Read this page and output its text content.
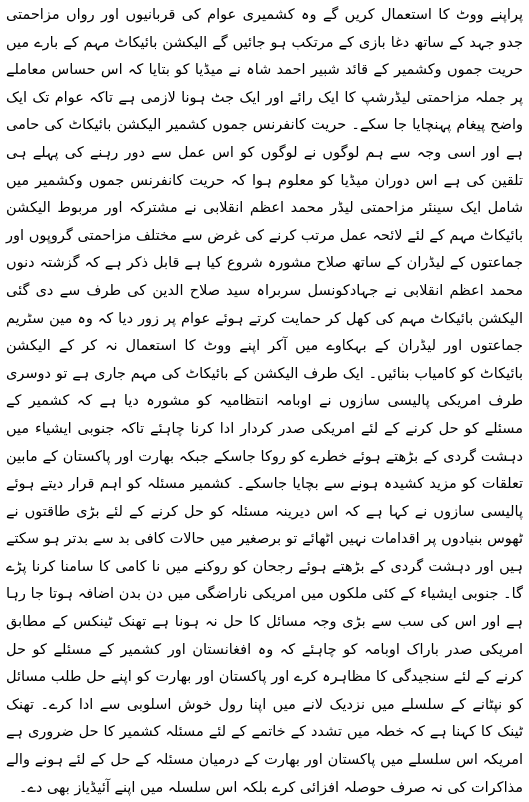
پراپنے ووٹ کا استعمال کریں گے وہ کشمیری عوام کی قربانیوں اور رواں مزاحمتی جدو جہد کے ساتھ دغا بازی کے مرتکب ہو جائیں گے الیکشن بائیکاٹ مہم کے بارے میں حریت جموں وکشمیر کے قائد شبیر احمد شاہ نے میڈیا کو بتایا کہ اس حساس معاملے پر جملہ مزاحمتی لیڈرشپ کا ایک رائے اور ایک جٹ ہونا لازمی ہے تاکہ عوام تک ایک واضح پیغام پہنچایا جا سکے۔ حریت کانفرنس جموں کشمیر الیکشن بائیکاٹ کی حامی ہے اور اسی وجہ سے ہم لوگوں نے لوگوں کو اس عمل سے دور رہنے کی پہلے ہی تلقین کی ہے اس دوران میڈیا کو معلوم ہوا کہ حریت کانفرنس جموں وکشمیر میں شامل ایک سینئر مزاحمتی لیڈر محمد اعظم انقلابی نے مشترکہ اور مربوط الیکشن بائیکاٹ مہم کے لئے لائحہ عمل مرتب کرنے کی غرض سے مختلف مزاحمتی گروپوں اور جماعتوں کے لیڈران کے ساتھ صلاح مشورہ شروع کیا ہے قابل ذکر ہے کہ گزشتہ دنوں محمد اعظم انقلابی نے جہادکونسل سربراہ سید صلاح الدین کی طرف سے دی گئی الیکشن بائیکاٹ مہم کی کھل کر حمایت کرتے ہوئے عوام پر زور دیا کہ وہ مین سٹریم جماعتوں اور لیڈران کے بہکاوے میں آکر اپنے ووٹ کا استعمال نہ کر کے الیکشن بائیکاٹ کو کامیاب بنائیں۔ ایک طرف الیکشن کے بائیکاٹ کی مہم جاری ہے تو دوسری طرف امریکی پالیسی سازوں نے اوبامہ انتظامیہ کو مشورہ دیا ہے کہ کشمیر کے مسئلے کو حل کرنے کے لئے امریکی صدر کردار ادا کرنا چاہئے تاکہ جنوبی ایشیاء میں دہشت گردی کے بڑھتے ہوئے خطرے کو روکا جاسکے جبکہ بھارت اور پاکستان کے مابین تعلقات کو مزید کشیدہ ہونے سے بچایا جاسکے۔ کشمیر مسئلہ کو اہم قرار دیتے ہوئے پالیسی سازوں نے کہا ہے کہ اس دیرینہ مسئلہ کو حل کرنے کے لئے بڑی طاقتوں نے ٹھوس بنیادوں پر اقدامات نہیں اٹھائے تو برصغیر میں حالات کافی بد سے بدتر ہو سکتے ہیں اور دہشت گردی کے بڑھتے ہوئے رجحان کو روکنے میں نا کامی کا سامنا کرنا پڑے گا۔ جنوبی ایشیاء کے کئی ملکوں میں امریکی ناراضگی میں دن بدن اضافہ ہوتا جا رہا ہے اور اس کی سب سے بڑی وجہ مسائل کا حل نہ ہونا ہے تھنک ٹینکس کے مطابق امریکی صدر باراک اوبامہ کو چاہئے کہ وہ افغانستان اور کشمیر کے مسئلے کو حل کرنے کے لئے سنجیدگی کا مظاہرہ کرے اور پاکستان اور بھارت کو اپنے حل طلب مسائل کو نپٹانے کے سلسلے میں نزدیک لانے میں اپنا رول خوش اسلوبی سے ادا کرے۔ تھنک ٹینک کا کہنا ہے کہ خطہ میں تشدد کے خاتمے کے لئے مسئلہ کشمیر کا حل ضروری ہے امریکہ اس سلسلے میں پاکستان اور بھارت کے درمیان مسئلہ کے حل کے لئے ہونے والے مذاکرات کی نہ صرف حوصلہ افزائی کرے بلکہ اس سلسلہ میں اپنے آئیڈیاز بھی دے۔
